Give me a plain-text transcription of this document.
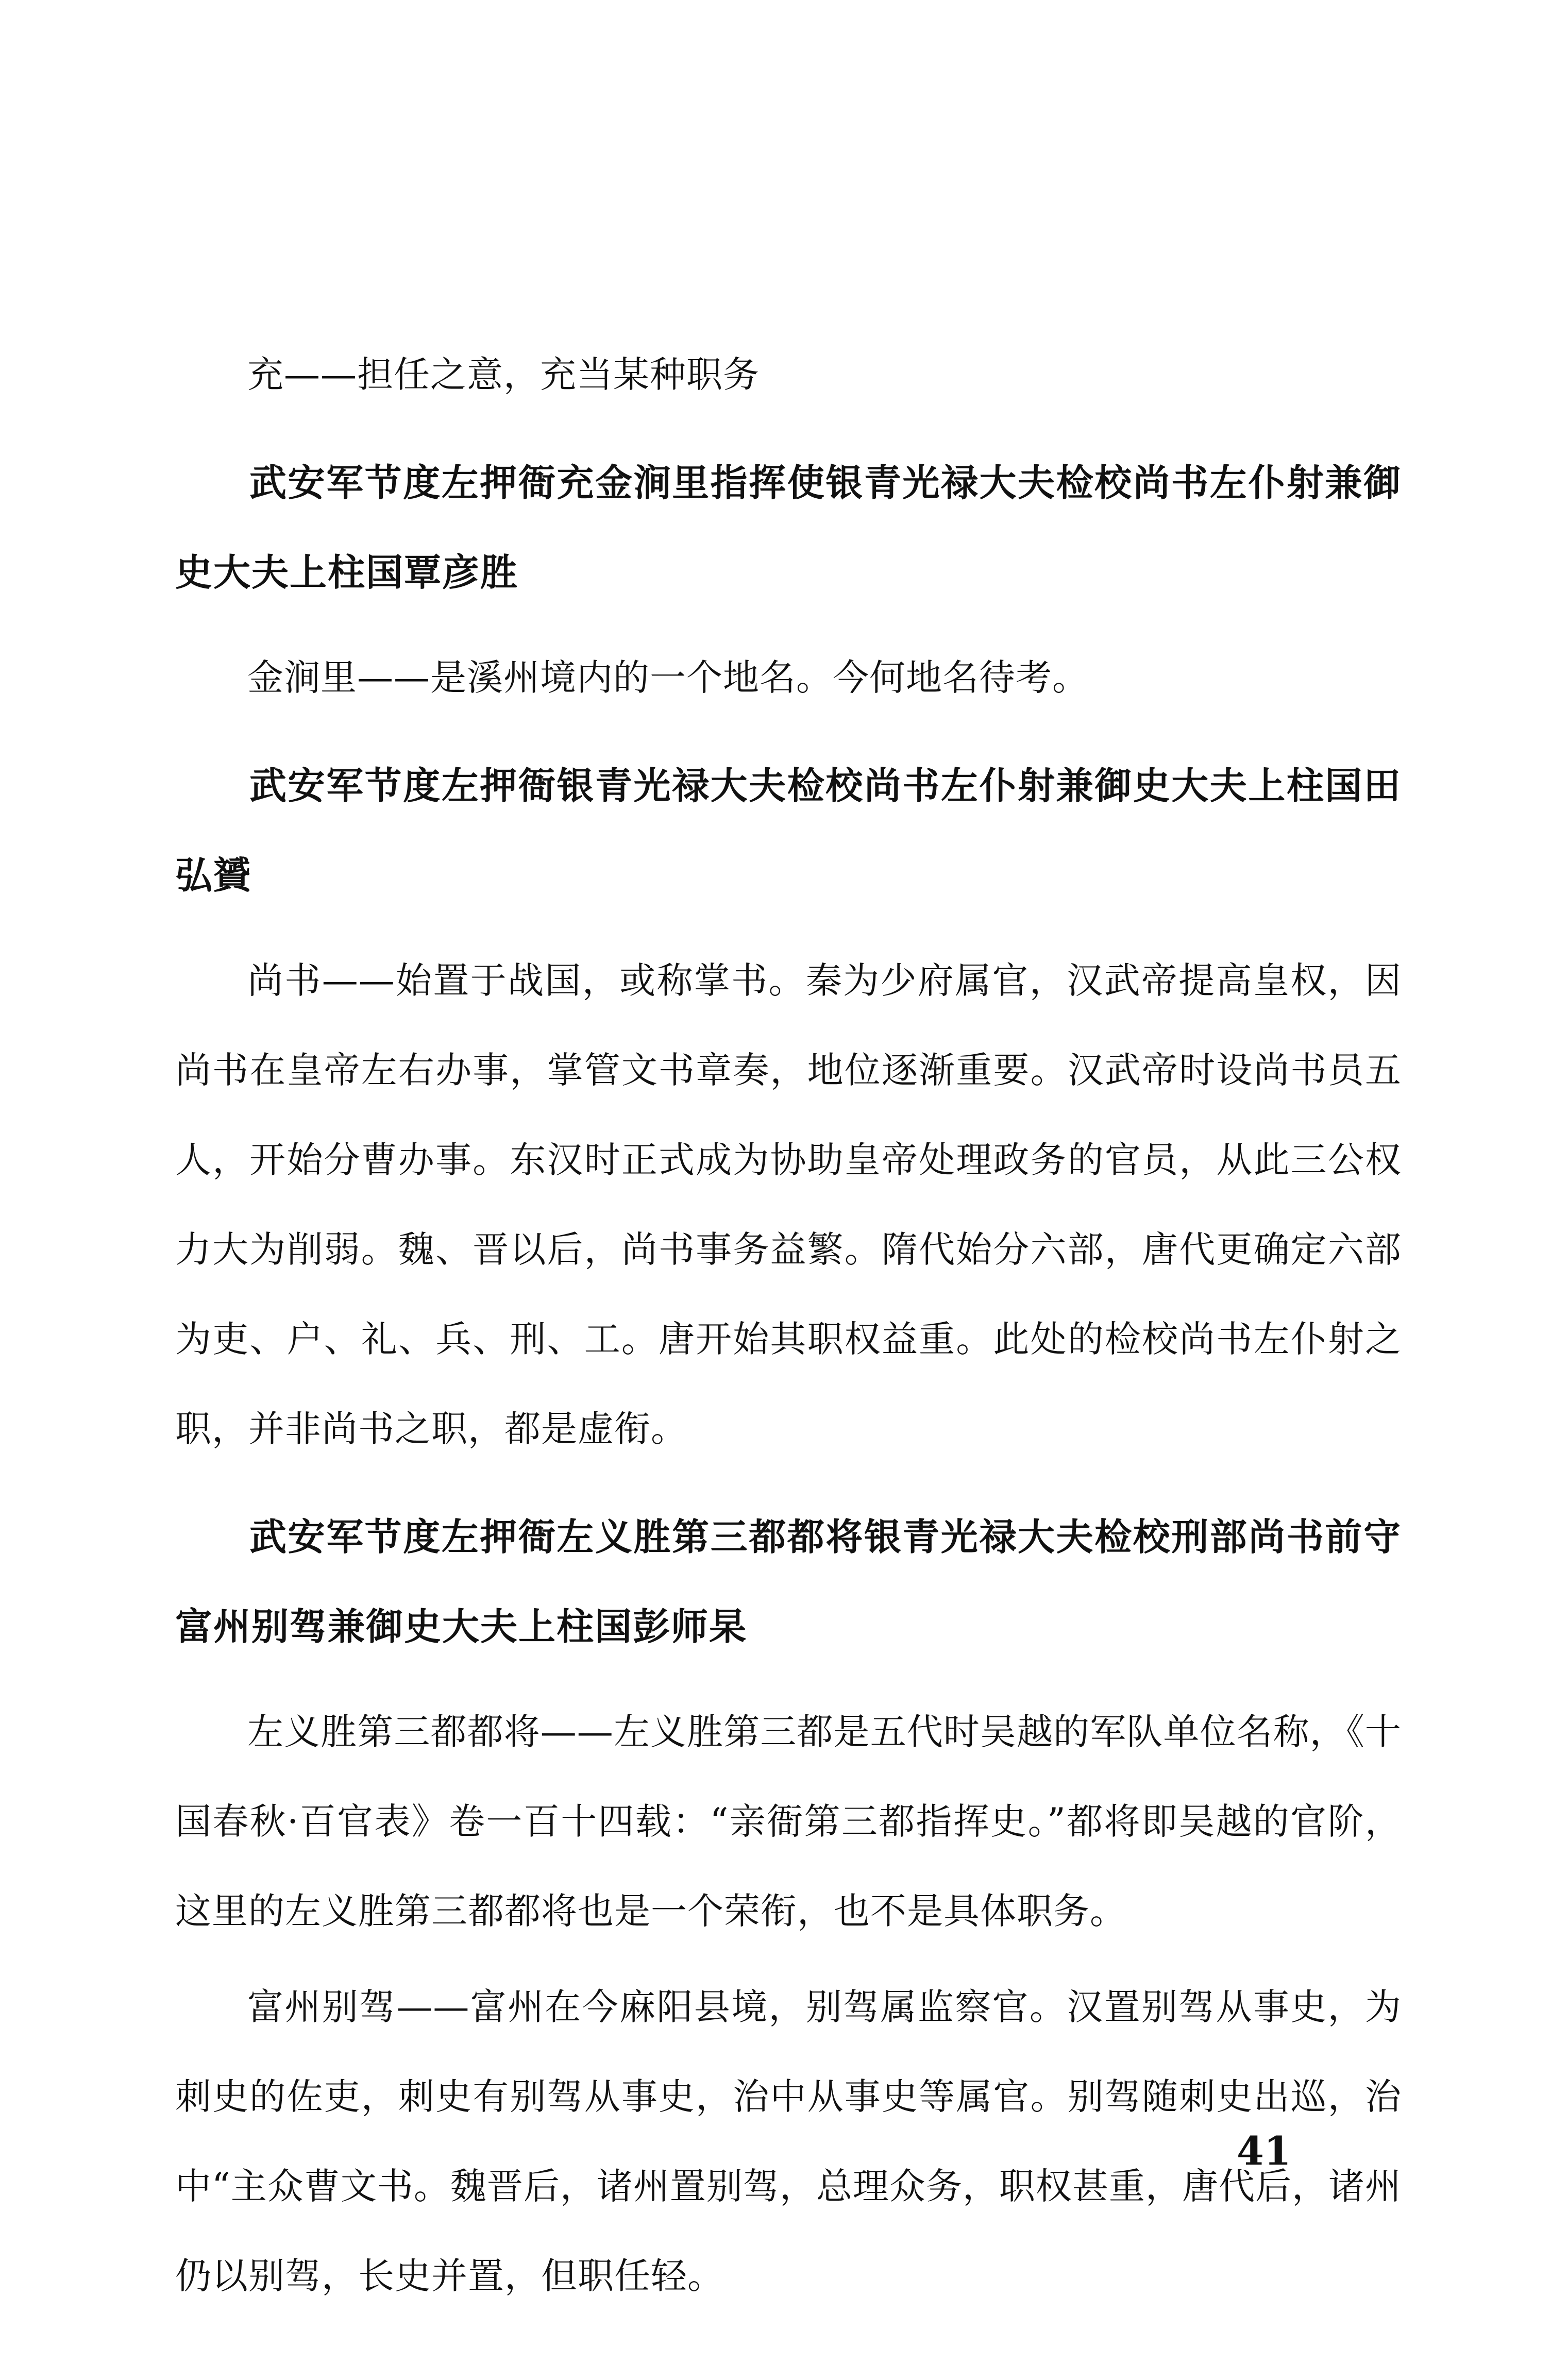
充——担任之意，充当某种职务

武安军节度左押衙充金涧里指挥使银青光禄大夫检校尚书左仆射兼御史大夫上柱国覃彦胜

金涧里——是溪州境内的一个地名。今何地名待考。

武安军节度左押衙银青光禄大夫检校尚书左仆射兼御史大夫上柱国田弘贇

尚书——始置于战国，或称掌书。秦为少府属官，汉武帝提高皇权，因尚书在皇帝左右办事，掌管文书章奏，地位逐渐重要。汉武帝时设尚书员五人，开始分曹办事。东汉时正式成为协助皇帝处理政务的官员，从此三公权力大为削弱。魏、晋以后，尚书事务益繁。隋代始分六部，唐代更确定六部为吏、户、礼、兵、刑、工。唐开始其职权益重。此处的检校尚书左仆射之职，并非尚书之职，都是虚衔。

武安军节度左押衙左义胜第三都都将银青光禄大夫检校刑部尚书前守富州别驾兼御史大夫上柱国彭师杲

左义胜第三都都将——左义胜第三都是五代时吴越的军队单位名称，《十国春秋·百官表》卷一百十四载：“亲衙第三都指挥史。”都将即吴越的官阶，这里的左义胜第三都都将也是一个荣衔，也不是具体职务。

富州别驾——富州在今麻阳县境，别驾属监察官。汉置别驾从事史，为刺史的佐吏，刺史有别驾从事史，治中从事史等属官。别驾随刺史出巡，治中“主众曹文书。魏晋后，诸州置别驾，总理众务，职权甚重，唐代后，诸州仍以别驾，长史并置，但职任轻。

41
